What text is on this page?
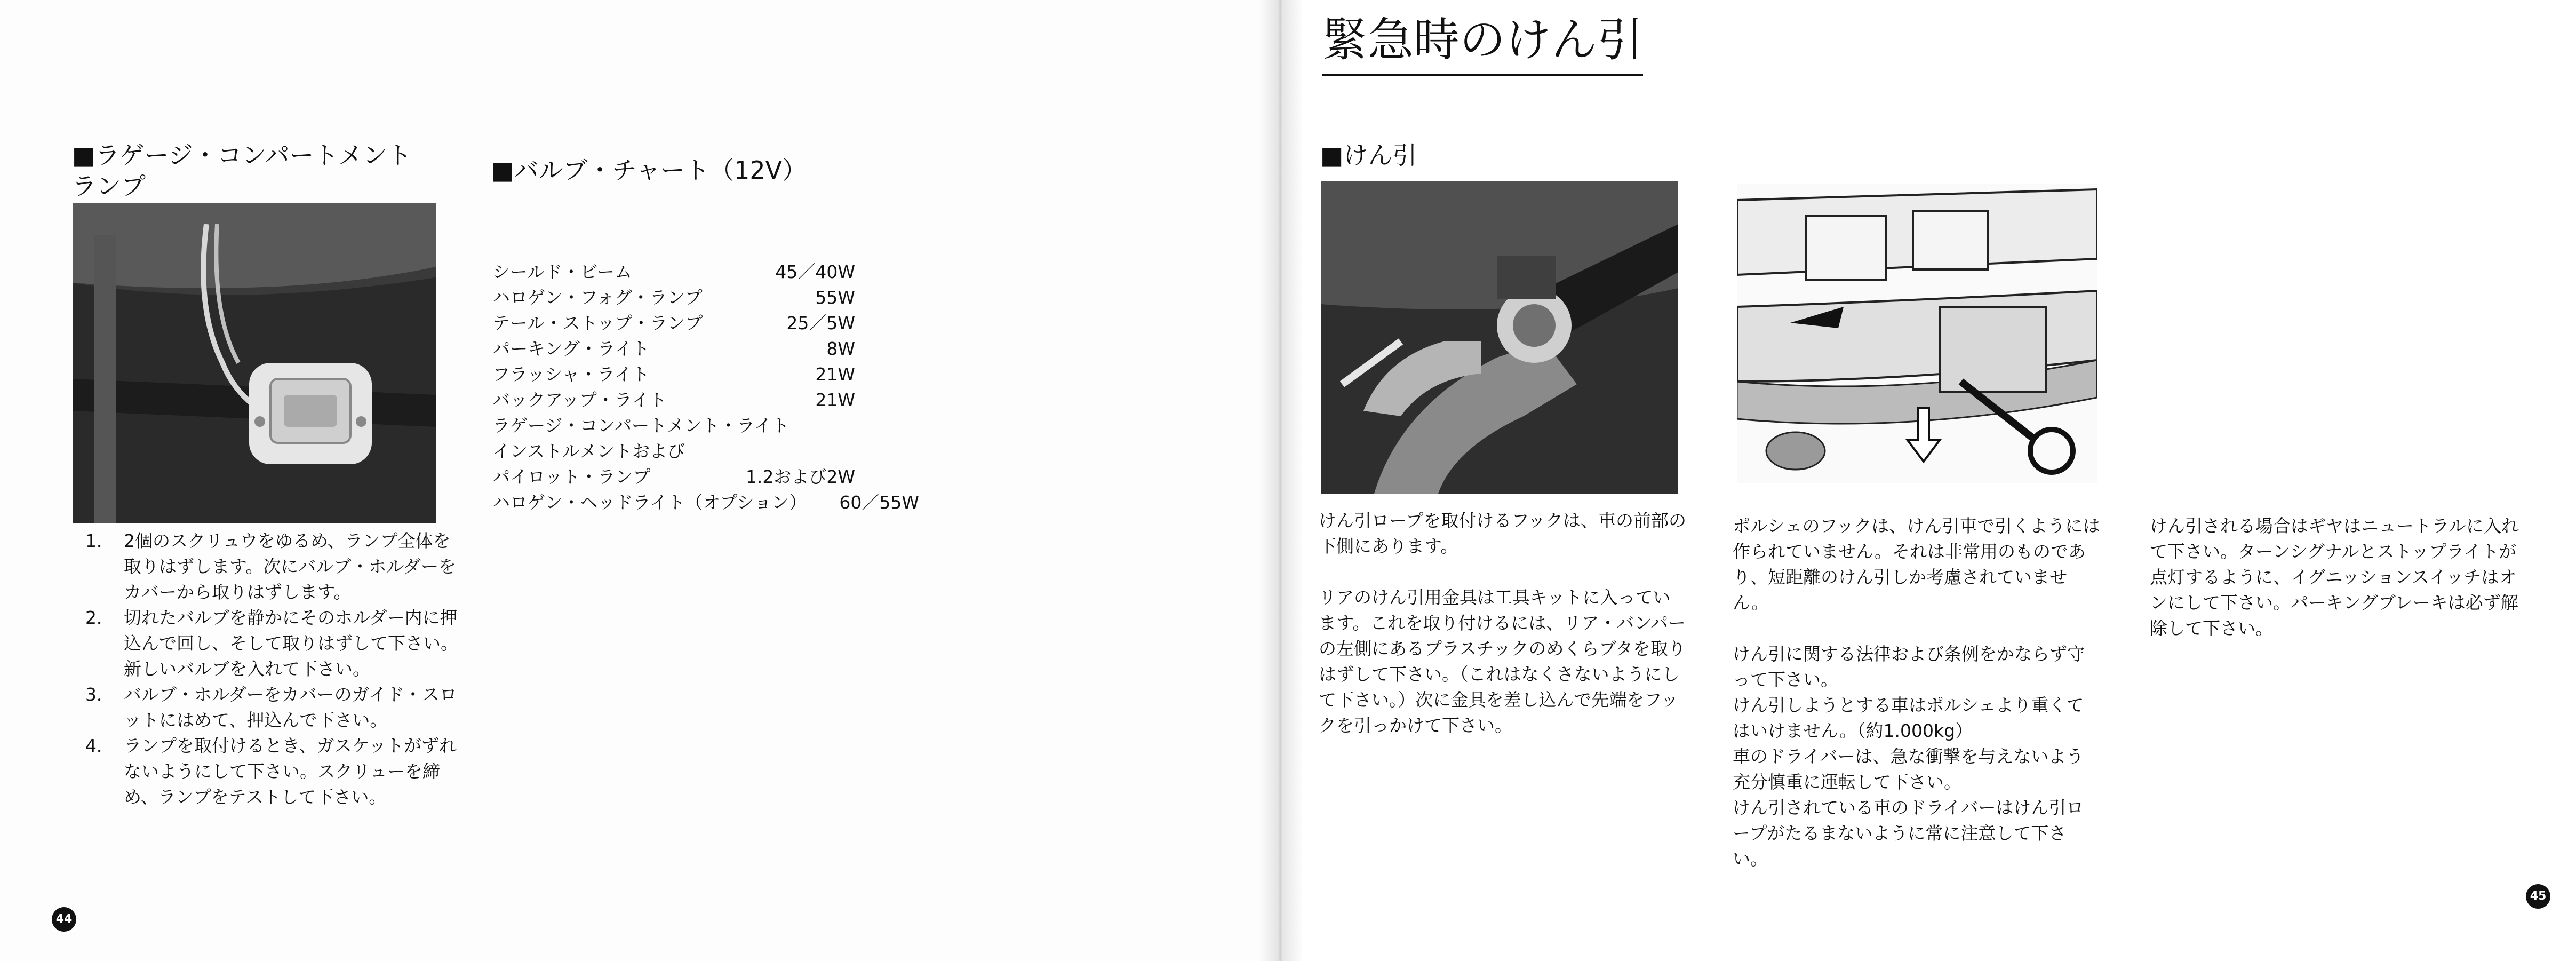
■ラゲージ・コンパートメント
ランプ
■バルブ・チャート（12V）
シールド・ビーム	45／40W
ハロゲン・フォグ・ランプ	55W
テール・ストップ・ランプ	25／5W
パーキング・ライト	8W
フラッシャ・ライト	21W
バックアップ・ライト	21W
ラゲージ・コンパートメント・ライト
インストルメントおよび
パイロット・ランプ	1.2および2W
ハロゲン・ヘッドライト（オプション） 60／55W
1． 2個のスクリュウをゆるめ、ランプ全体を取りはずします。次にバルブ・ホルダーをカバーから取りはずします。
2． 切れたバルブを静かにそのホルダー内に押込んで回し、そして取りはずして下さい。新しいバルブを入れて下さい。
3． バルブ・ホルダーをカバーのガイド・スロットにはめて、押込んで下さい。
4． ランプを取付けるとき、ガスケットがずれないようにして下さい。スクリューを締め、ランプをテストして下さい。
44
緊急時のけん引
■けん引

けん引ロープを取付けるフックは、車の前部の下側にあります。

リアのけん引用金具は工具キットに入っています。これを取り付けるには、リア・バンパーの左側にあるプラスチックのめくらブタを取りはずして下さい。（これはなくさないようにして下さい。）次に金具を差し込んで先端をフックを引っかけて下さい。

ポルシェのフックは、けん引車で引くようには作られていません。それは非常用のものであり、短距離のけん引しか考慮されていません。

けん引に関する法律および条例をかならず守って下さい。
けん引しようとする車はポルシェより重くてはいけません。（約1.000kg）
車のドライバーは、急な衝撃を与えないよう充分慎重に運転して下さい。
けん引されている車のドライバーはけん引ロープがたるまないように常に注意して下さい。

けん引される場合はギヤはニュートラルに入れて下さい。ターンシグナルとストップライトが点灯するように、イグニッションスイッチはオンにして下さい。パーキングブレーキは必ず解除して下さい。

45
